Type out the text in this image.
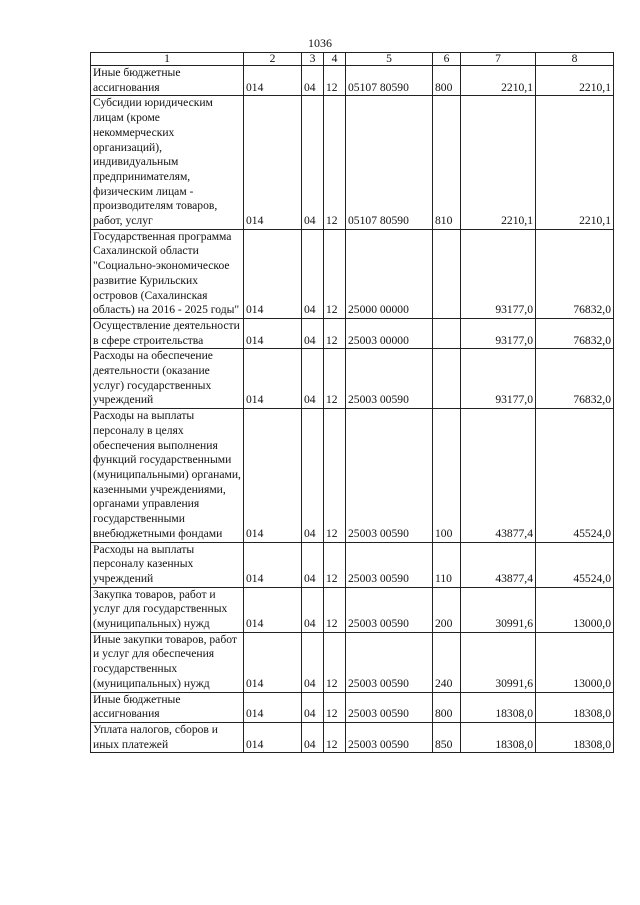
1036
1	2	3	4	5	6	7	8
Иные бюджетные ассигнования	014	04	12	05107 80590	800	2210,1	2210,1
Субсидии юридическим лицам (кроме некоммерческих организаций), индивидуальным предпринимателям, физическим лицам - производителям товаров, работ, услуг	014	04	12	05107 80590	810	2210,1	2210,1
Государственная программа Сахалинской области "Социально-экономическое развитие Курильских островов (Сахалинская область) на 2016 - 2025 годы"	014	04	12	25000 00000		93177,0	76832,0
Осуществление деятельности в сфере строительства	014	04	12	25003 00000		93177,0	76832,0
Расходы на обеспечение деятельности (оказание услуг) государственных учреждений	014	04	12	25003 00590		93177,0	76832,0
Расходы на выплаты персоналу в целях обеспечения выполнения функций государственными (муниципальными) органами, казенными учреждениями, органами управления государственными внебюджетными фондами	014	04	12	25003 00590	100	43877,4	45524,0
Расходы на выплаты персоналу казенных учреждений	014	04	12	25003 00590	110	43877,4	45524,0
Закупка товаров, работ и услуг для государственных (муниципальных) нужд	014	04	12	25003 00590	200	30991,6	13000,0
Иные закупки товаров, работ и услуг для обеспечения государственных (муниципальных) нужд	014	04	12	25003 00590	240	30991,6	13000,0
Иные бюджетные ассигнования	014	04	12	25003 00590	800	18308,0	18308,0
Уплата налогов, сборов и иных платежей	014	04	12	25003 00590	850	18308,0	18308,0
